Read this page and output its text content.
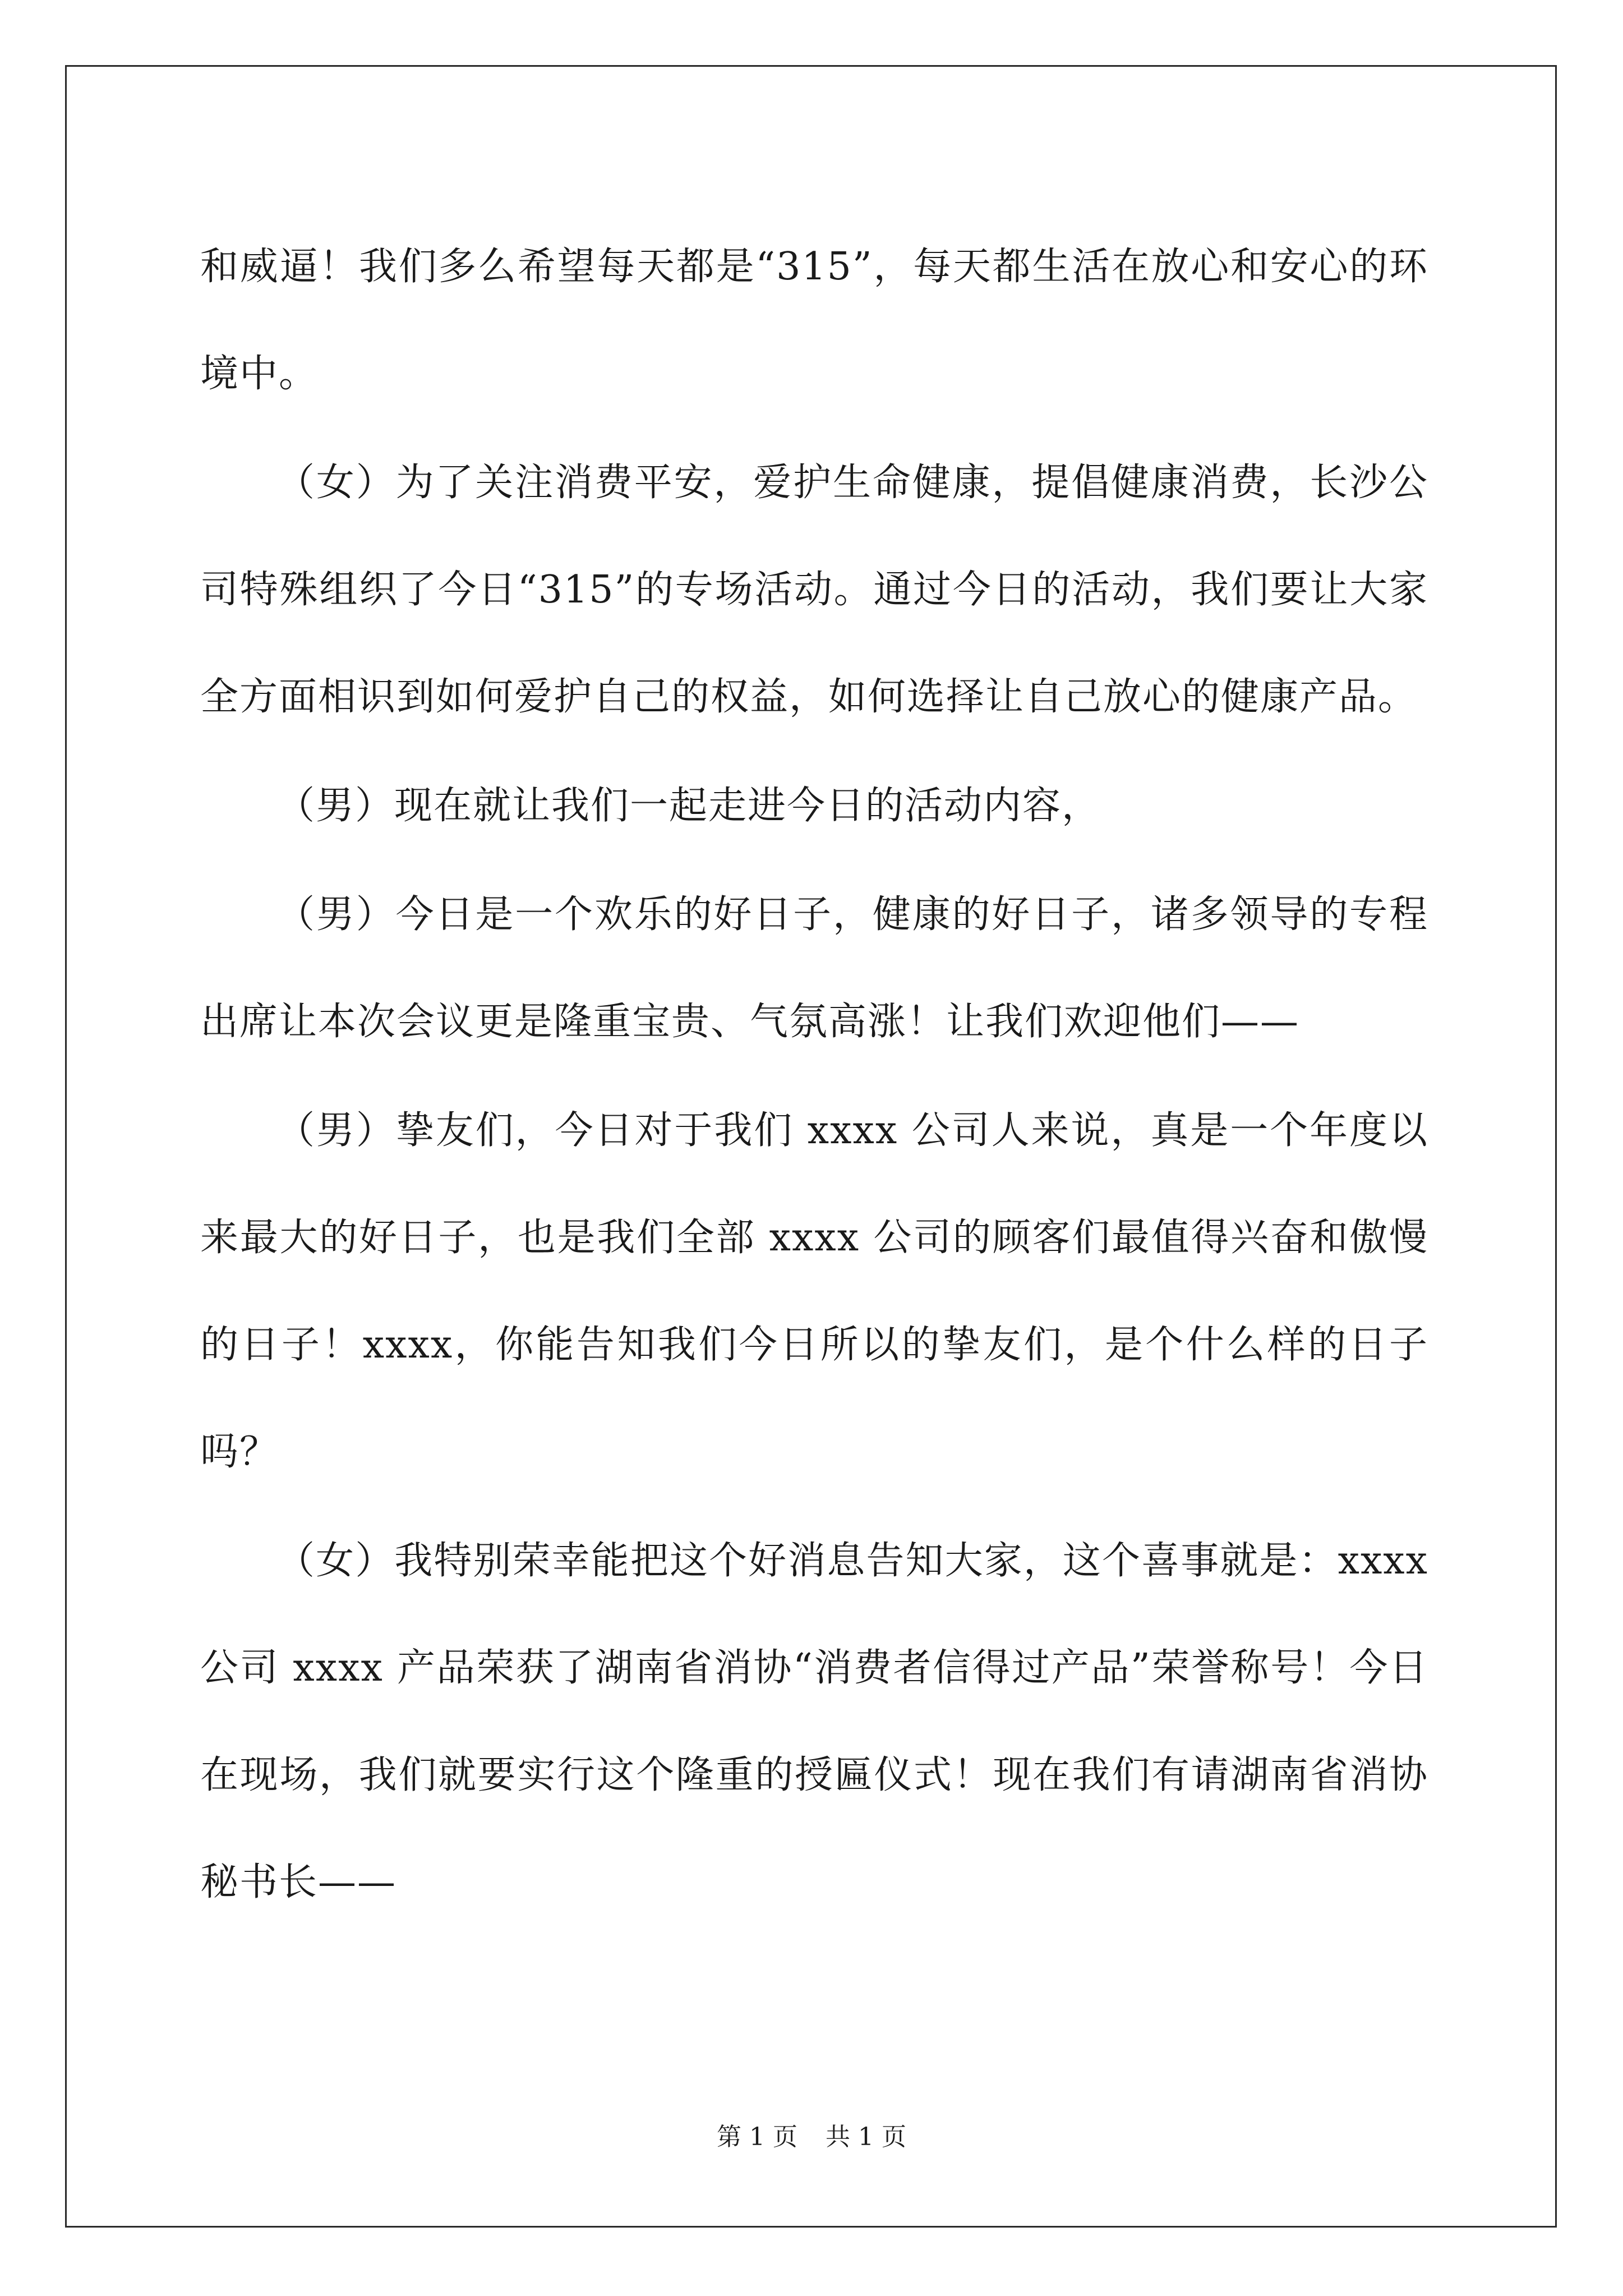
和威逼！我们多么希望每天都是“315”，每天都生活在放心和安心的环境中。

（女）为了关注消费平安，爱护生命健康，提倡健康消费，长沙公司特殊组织了今日“315”的专场活动。通过今日的活动，我们要让大家全方面相识到如何爱护自己的权益，如何选择让自己放心的健康产品。

（男）现在就让我们一起走进今日的活动内容，

（男）今日是一个欢乐的好日子，健康的好日子，诸多领导的专程出席让本次会议更是隆重宝贵、气氛高涨！让我们欢迎他们——

（男）挚友们，今日对于我们 xxxx 公司人来说，真是一个年度以来最大的好日子，也是我们全部 xxxx 公司的顾客们最值得兴奋和傲慢的日子！xxxx，你能告知我们今日所以的挚友们，是个什么样的日子吗？

（女）我特别荣幸能把这个好消息告知大家，这个喜事就是：xxxx 公司 xxxx 产品荣获了湖南省消协“消费者信得过产品”荣誉称号！今日在现场，我们就要实行这个隆重的授匾仪式！现在我们有请湖南省消协秘书长——

第 1 页 共 1 页
